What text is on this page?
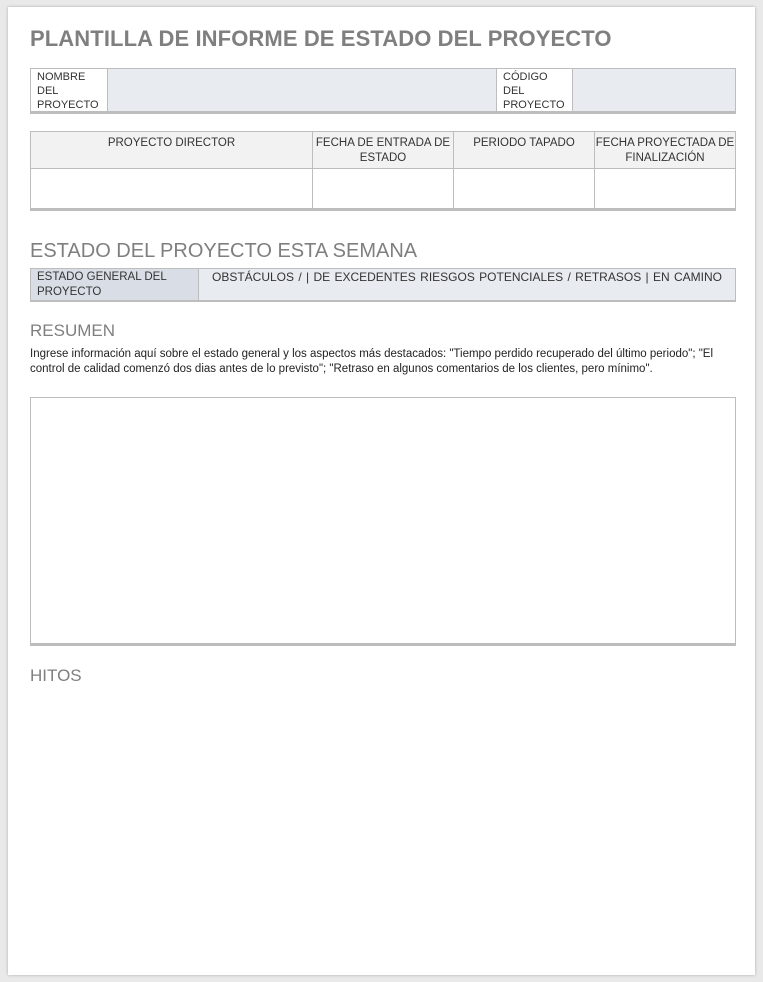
PLANTILLA DE INFORME DE ESTADO DEL PROYECTO
NOMBRE DEL PROYECTO
CÓDIGO DEL PROYECTO
PROYECTO DIRECTOR	FECHA DE ENTRADA DE ESTADO
PERIODO TAPADO	FECHA PROYECTADA DE FINALIZACIÓN
ESTADO DEL PROYECTO ESTA SEMANA
ESTADO GENERAL DEL PROYECTO
OBSTÁCULOS / | DE EXCEDENTES RIESGOS POTENCIALES / RETRASOS | EN CAMINO
RESUMEN
Ingrese información aquí sobre el estado general y los aspectos más destacados: "Tiempo perdido recuperado del último periodo"; "El control de calidad comenzó dos dias antes de lo previsto"; "Retraso en algunos comentarios de los clientes, pero mínimo".
HITOS
